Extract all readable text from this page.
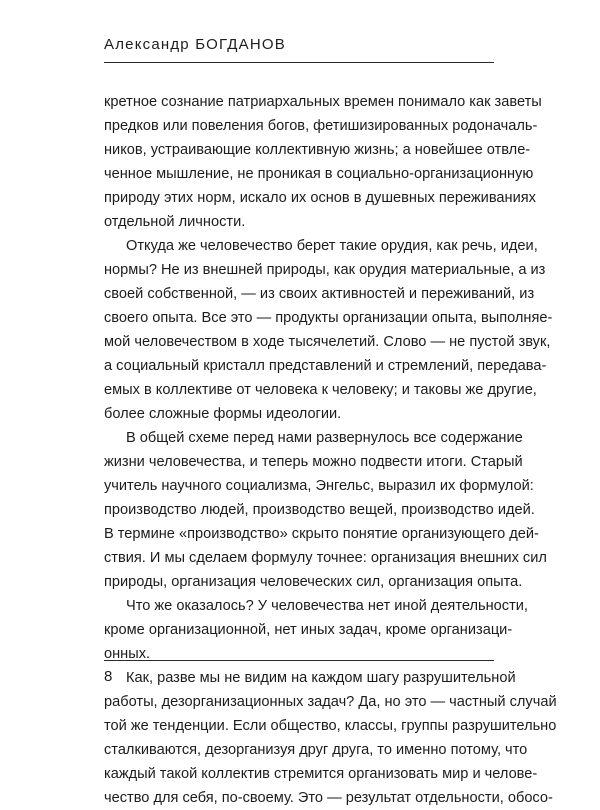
Александр БОГДАНОВ
кретное сознание патриархальных времен понимало как заветы
предков или повеления богов, фетишизированных родоначаль-
ников, устраивающие коллективную жизнь; а новейшее отвле-
ченное мышление, не проникая в социально-организационную
природу этих норм, искало их основ в душевных переживаниях
отдельной личности.
Откуда же человечество берет такие орудия, как речь, идеи,
нормы? Не из внешней природы, как орудия материальные, а из
своей собственной, — из своих активностей и переживаний, из
своего опыта. Все это — продукты организации опыта, выполняе-
мой человечеством в ходе тысячелетий. Слово — не пустой звук,
а социальный кристалл представлений и стремлений, передава-
емых в коллективе от человека к человеку; и таковы же другие,
более сложные формы идеологии.
В общей схеме перед нами развернулось все содержание
жизни человечества, и теперь можно подвести итоги. Старый
учитель научного социализма, Энгельс, выразил их формулой:
производство людей, производство вещей, производство идей.
В термине «производство» скрыто понятие организующего дей-
ствия. И мы сделаем формулу точнее: организация внешних сил
природы, организация человеческих сил, организация опыта.
Что же оказалось? У человечества нет иной деятельности,
кроме организационной, нет иных задач, кроме организаци-
онных.
Как, разве мы не видим на каждом шагу разрушительной
работы, дезорганизационных задач? Да, но это — частный случай
той же тенденции. Если общество, классы, группы разрушительно
сталкиваются, дезорганизуя друг друга, то именно потому, что
каждый такой коллектив стремится организовать мир и челове-
чество для себя, по-своему. Это — результат отдельности, обосо-
8
